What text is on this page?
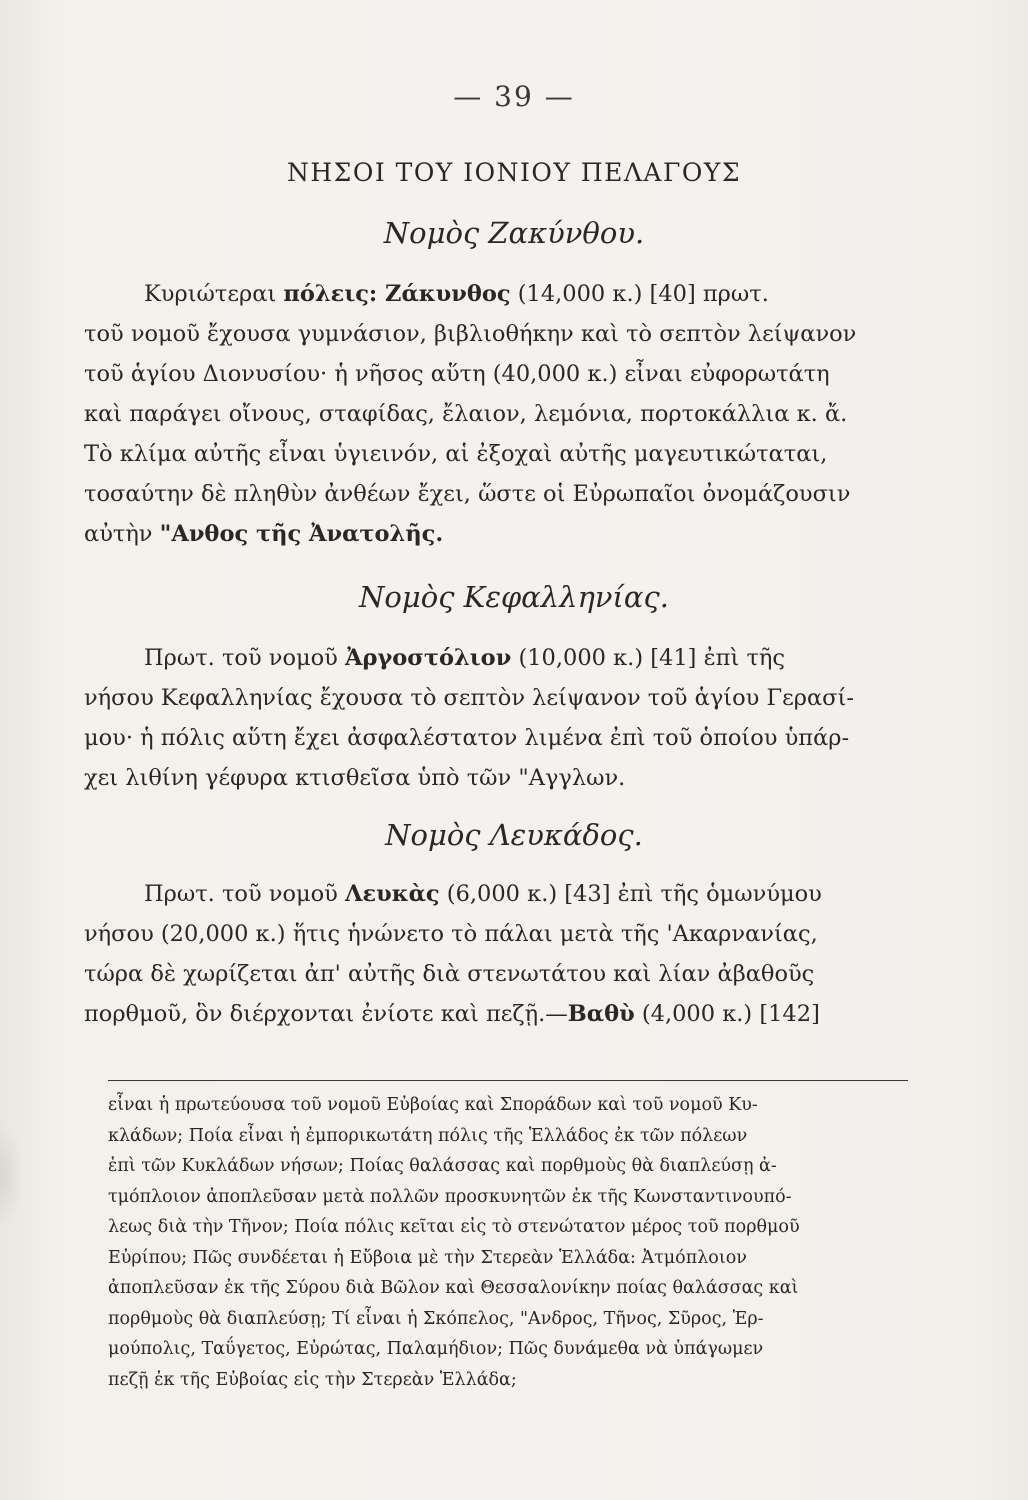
— 39 —
ΝΗΣΟΙ ΤΟΥ ΙΟΝΙΟΥ ΠΕΛΑΓΟΥΣ
Νομὸς Ζακύνθου.
Κυριώτεραι πόλεις: Ζάκυνθος (14,000 κ.) [40] πρωτ.
τοῦ νομοῦ ἔχουσα γυμνάσιον, βιβλιοθήκην καὶ τὸ σεπτὸν λείψανον
τοῦ ἁγίου Διονυσίου· ἡ νῆσος αὕτη (40,000 κ.) εἶναι εὐφορωτάτη
καὶ παράγει οἴνους, σταφίδας, ἔλαιον, λεμόνια, πορτοκάλλια κ. ἄ.
Τὸ κλίμα αὐτῆς εἶναι ὑγιεινόν, αἱ ἐξοχαὶ αὐτῆς μαγευτικώταται,
τοσαύτην δὲ πληθὺν ἀνθέων ἔχει, ὥστε οἱ Εὐρωπαῖοι ὀνομάζουσιν
αὐτὴν "Ανθος τῆς Ἀνατολῆς.
Νομὸς Κεφαλληνίας.
Πρωτ. τοῦ νομοῦ Ἀργοστόλιον (10,000 κ.) [41] ἐπὶ τῆς
νήσου Κεφαλληνίας ἔχουσα τὸ σεπτὸν λείψανον τοῦ ἁγίου Γερασί-
μου· ἡ πόλις αὕτη ἔχει ἀσφαλέστατον λιμένα ἐπὶ τοῦ ὁποίου ὑπάρ-
χει λιθίνη γέφυρα κτισθεῖσα ὑπὸ τῶν "Αγγλων.
Νομὸς Λευκάδος.
Πρωτ. τοῦ νομοῦ Λευκὰς (6,000 κ.) [43] ἐπὶ τῆς ὁμωνύμου
νήσου (20,000 κ.) ἥτις ἡνώνετο τὸ πάλαι μετὰ τῆς 'Ακαρνανίας,
τώρα δὲ χωρίζεται ἀπ' αὐτῆς διὰ στενωτάτου καὶ λίαν ἀβαθοῦς
πορθμοῦ, ὃν διέρχονται ἐνίοτε καὶ πεζῇ.—Βαθὺ (4,000 κ.) [142]
εἶναι ἡ πρωτεύουσα τοῦ νομοῦ Εὐβοίας καὶ Σποράδων καὶ τοῦ νομοῦ Κυ-
κλάδων; Ποία εἶναι ἡ ἐμπορικωτάτη πόλις τῆς Ἑλλάδος ἐκ τῶν πόλεων
ἐπὶ τῶν Κυκλάδων νήσων; Ποίας θαλάσσας καὶ πορθμοὺς θὰ διαπλεύσῃ ἀ-
τμόπλοιον ἀποπλεῦσαν μετὰ πολλῶν προσκυνητῶν ἐκ τῆς Κωνσταντινουπό-
λεως διὰ τὴν Τῆνον; Ποία πόλις κεῖται εἰς τὸ στενώτατον μέρος τοῦ πορθμοῦ
Εὐρίπου; Πῶς συνδέεται ἡ Εὔβοια μὲ τὴν Στερεὰν Ἑλλάδα: Ἀτμόπλοιον
ἀποπλεῦσαν ἐκ τῆς Σύρου διὰ Βῶλον καὶ Θεσσαλονίκην ποίας θαλάσσας καὶ
πορθμοὺς θὰ διαπλεύσῃ; Τί εἶναι ἡ Σκόπελος, "Ανδρος, Τῆνος, Σῦρος, Ἑρ-
μούπολις, Ταΰγετος, Εὐρώτας, Παλαμήδιον; Πῶς δυνάμεθα νὰ ὑπάγωμεν
πεζῇ ἐκ τῆς Εὐβοίας εἰς τὴν Στερεὰν Ἑλλάδα;
